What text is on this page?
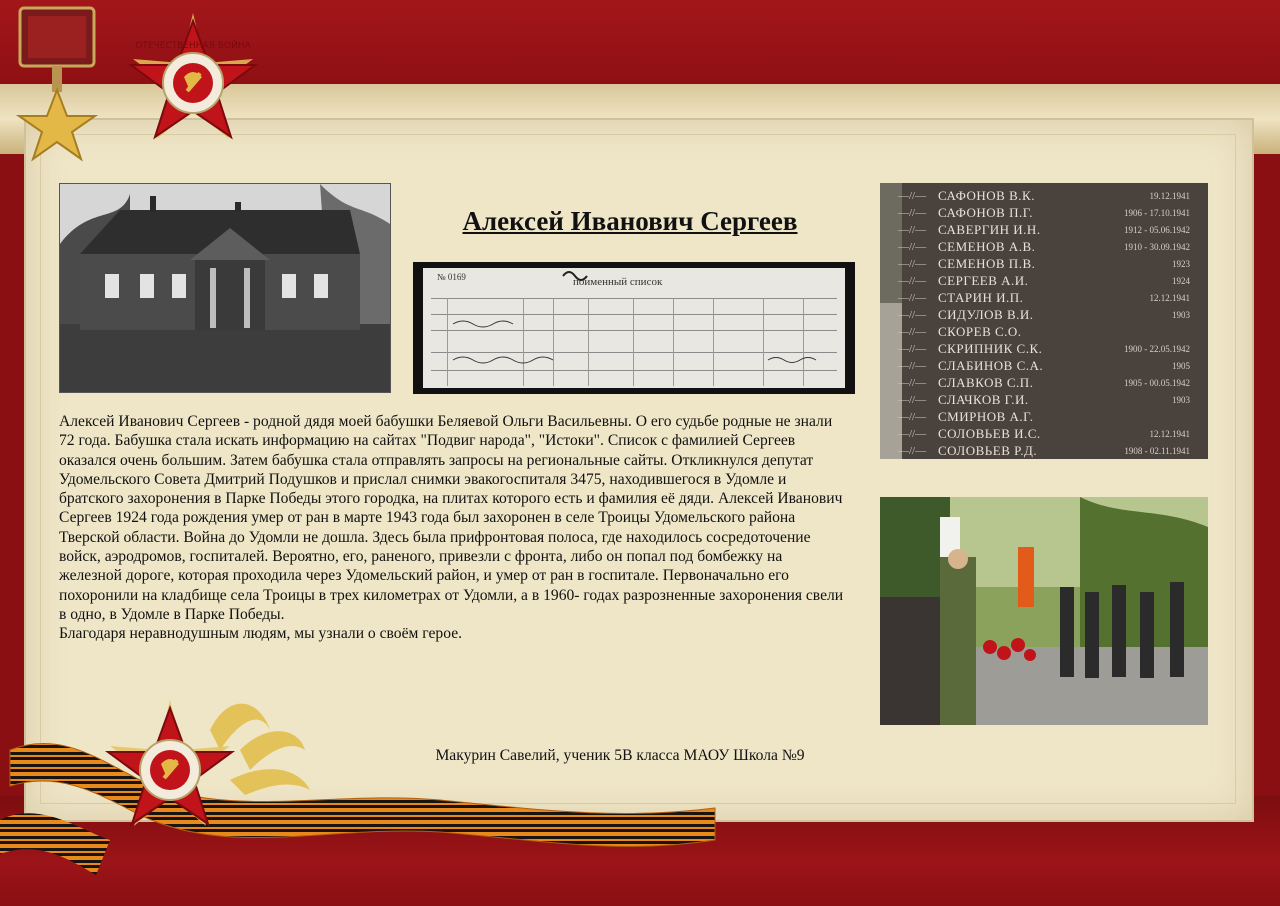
ОТЕЧЕСТВЕННАЯ ВОЙНА
Алексей Иванович Сергеев
№ 0169	поименный список
—//— САФОНОВ В.К.	19.12.1941
—//— САФОНОВ П.Г.	1906 - 17.10.1941
—//— САВЕРГИН И.Н.	1912 - 05.06.1942
—//— СЕМЕНОВ А.В.	1910 - 30.09.1942
—//— СЕМЕНОВ П.В.	1923
—//— СЕРГЕЕВ А.И.	1924
—//— СТАРИН И.П.	12.12.1941
—//— СИДУЛОВ В.И.	1903
—//— СКОРЕВ С.О.
—//— СКРИПНИК С.К.	1900 - 22.05.1942
—//— СЛАБИНОВ С.А.	1905
—//— СЛАВКОВ С.П.	1905 - 00.05.1942
—//— СЛАЧКОВ Г.И.	1903
—//— СМИРНОВ А.Г.
—//— СОЛОВЬЕВ И.С.	12.12.1941
—//— СОЛОВЬЕВ Р.Д.	1908 - 02.11.1941

Алексей Иванович Сергеев - родной дядя моей бабушки Беляевой Ольги Васильевны. О его судьбе родные не знали 72 года. Бабушка стала искать информацию на сайтах "Подвиг народа", "Истоки". Список с фамилией Сергеев оказался очень большим. Затем бабушка стала отправлять запросы на региональные сайты. Откликнулся депутат Удомельского Совета Дмитрий Подушков и прислал снимки эвакогоспиталя 3475, находившегося в Удомле и братского захоронения в Парке Победы этого городка, на плитах которого есть и фамилия её дяди. Алексей Иванович Сергеев 1924 года рождения умер от ран в марте 1943 года был захоронен в селе Троицы Удомельского района Тверской области. Война до Удомли не дошла. Здесь была прифронтовая полоса, где находилось сосредоточение войск, аэродромов, госпиталей. Вероятно, его, раненого, привезли с фронта, либо он попал под бомбежку на железной дороге, которая проходила через Удомельский район, и умер от ран в госпитале. Первоначально его похоронили на кладбище села Троицы в трех километрах от Удомли, а в 1960- годах разрозненные захоронения свели в одно, в Удомле в Парке Победы.

Благодаря неравнодушным людям, мы узнали о своём герое.

Макурин Савелий, ученик 5В класса МАОУ Школа №9
